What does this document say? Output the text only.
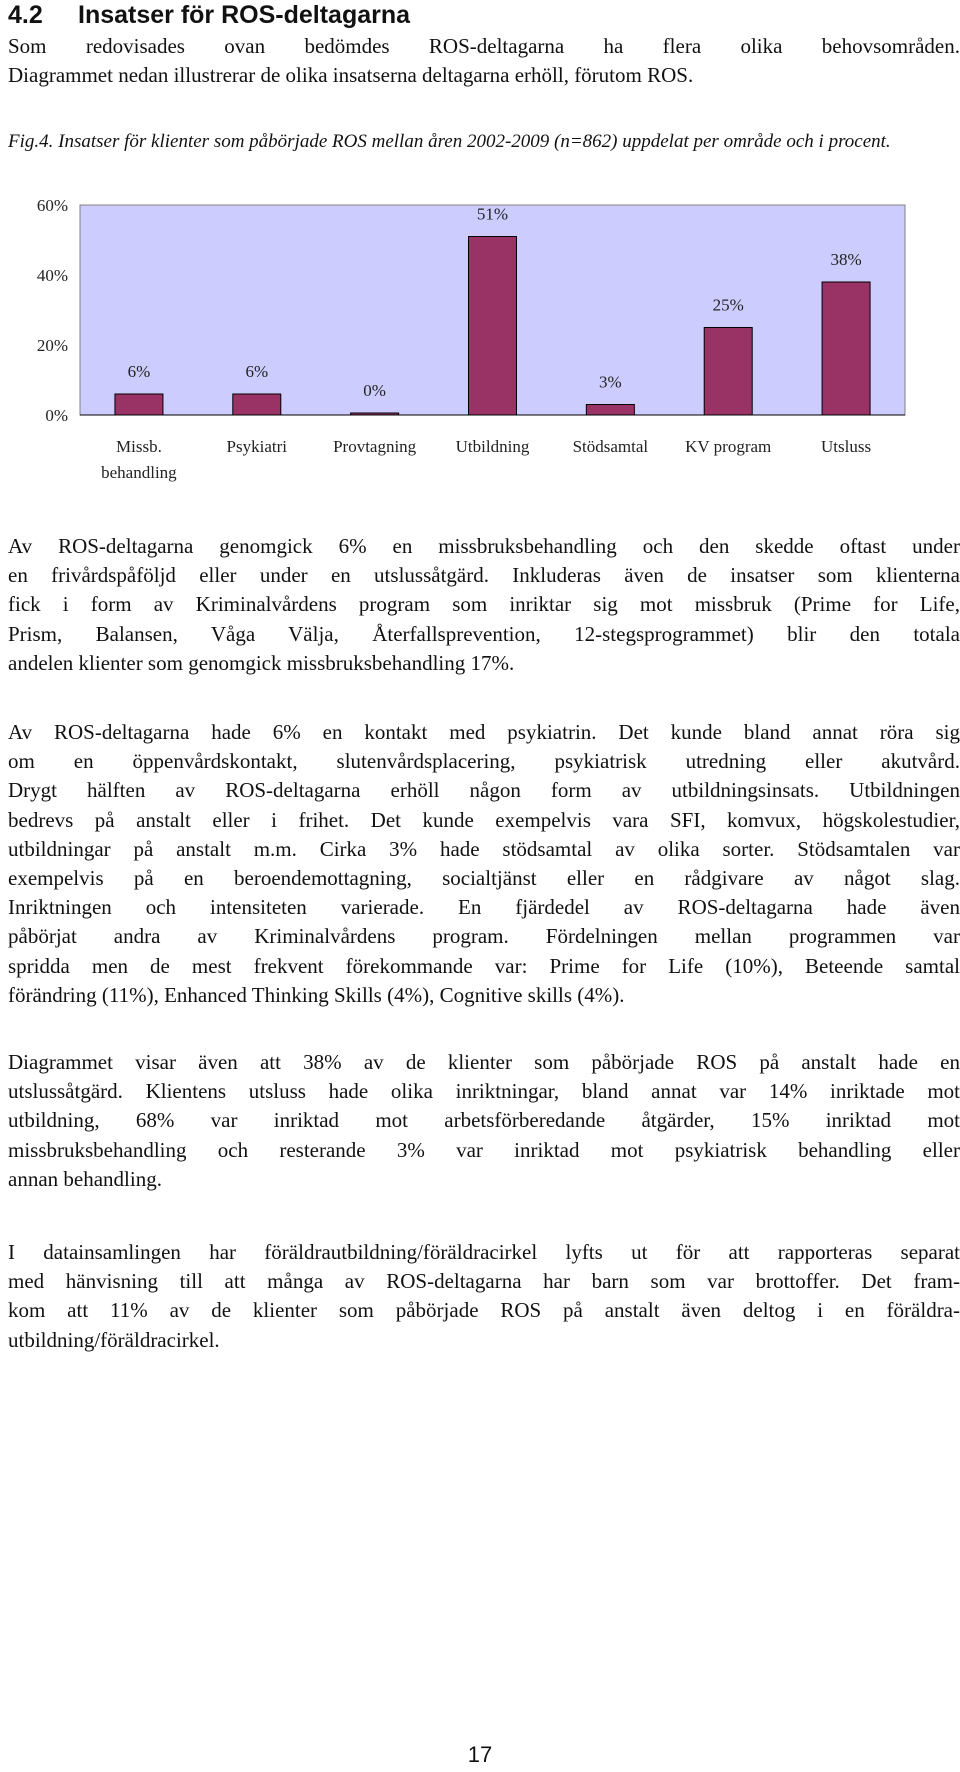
4.2 Insatser för ROS-deltagarna

Som redovisades ovan bedömdes ROS-deltagarna ha flera olika behovsområden.

Diagrammet nedan illustrerar de olika insatserna deltagarna erhöll, förutom ROS.

Fig.4. Insatser för klienter som påbörjade ROS mellan åren 2002-2009 (n=862) uppdelat per område och i procent.

0%
20%
40%
60%
6%
Missb.
behandling
6%
Psykiatri
0%
Provtagning
51%
Utbildning
3%
Stödsamtal
25%
KV program
38%
Utsluss

Av ROS-deltagarna genomgick 6% en missbruksbehandling och den skedde oftast under

en frivårdspåföljd eller under en utslussåtgärd. Inkluderas även de insatser som klienterna

fick i form av Kriminalvårdens program som inriktar sig mot missbruk (Prime for Life,

Prism, Balansen, Våga Välja, Återfallsprevention, 12-stegsprogrammet) blir den totala

andelen klienter som genomgick missbruksbehandling 17%.

Av ROS-deltagarna hade 6% en kontakt med psykiatrin. Det kunde bland annat röra sig

om en öppenvårdskontakt, slutenvårdsplacering, psykiatrisk utredning eller akutvård.

Drygt hälften av ROS-deltagarna erhöll någon form av utbildningsinsats. Utbildningen

bedrevs på anstalt eller i frihet. Det kunde exempelvis vara SFI, komvux, högskolestudier,

utbildningar på anstalt m.m. Cirka 3% hade stödsamtal av olika sorter. Stödsamtalen var

exempelvis på en beroendemottagning, socialtjänst eller en rådgivare av något slag.

Inriktningen och intensiteten varierade. En fjärdedel av ROS-deltagarna hade även

påbörjat andra av Kriminalvårdens program. Fördelningen mellan programmen var

spridda men de mest frekvent förekommande var: Prime for Life (10%), Beteende samtal

förändring (11%), Enhanced Thinking Skills (4%), Cognitive skills (4%).

Diagrammet visar även att 38% av de klienter som påbörjade ROS på anstalt hade en

utslussåtgärd. Klientens utsluss hade olika inriktningar, bland annat var 14% inriktade mot

utbildning, 68% var inriktad mot arbetsförberedande åtgärder, 15% inriktad mot

missbruksbehandling och resterande 3% var inriktad mot psykiatrisk behandling eller

annan behandling.

I datainsamlingen har föräldrautbildning/föräldracirkel lyfts ut för att rapporteras separat

med hänvisning till att många av ROS-deltagarna har barn som var brottoffer. Det fram-

kom att 11% av de klienter som påbörjade ROS på anstalt även deltog i en föräldra-

utbildning/föräldracirkel.

17
